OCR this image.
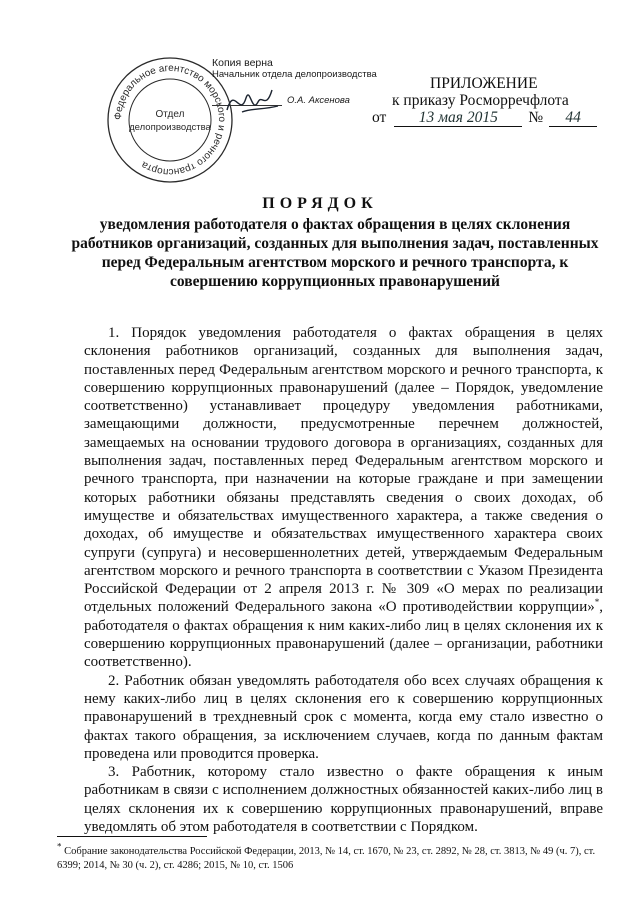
Федеральное агентство морского и речного транспорта
Отдел
делопроизводства
Копия верна
Начальник отдела делопроизводства
О.А. Аксенова
ПРИЛОЖЕНИЕ
к приказу Росморречфлота
от	13 мая 2015	№	44
ПОРЯДОК
уведомления работодателя о фактах обращения в целях склонения работников организаций, созданных для выполнения задач, поставленных перед Федеральным агентством морского и речного транспорта, к совершению коррупционных правонарушений

1. Порядок уведомления работодателя о фактах обращения в целях склонения работников организаций, созданных для выполнения задач, поставленных перед Федеральным агентством морского и речного транспорта, к совершению коррупционных правонарушений (далее – Порядок, уведомление соответственно) устанавливает процедуру уведомления работниками, замещающими должности, предусмотренные перечнем должностей, замещаемых на основании трудового договора в организациях, созданных для выполнения задач, поставленных перед Федеральным агентством морского и речного транспорта, при назначении на которые граждане и при замещении которых работники обязаны представлять сведения о своих доходах, об имуществе и обязательствах имущественного характера, а также сведения о доходах, об имуществе и обязательствах имущественного характера своих супруги (супруга) и несовершеннолетних детей, утверждаемым Федеральным агентством морского и речного транспорта в соответствии с Указом Президента Российской Федерации от 2 апреля 2013 г. № 309 «О мерах по реализации отдельных положений Федерального закона «О противодействии коррупции»*, работодателя о фактах обращения к ним каких-либо лиц в целях склонения их к совершению коррупционных правонарушений (далее – организации, работники соответственно).

2. Работник обязан уведомлять работодателя обо всех случаях обращения к нему каких-либо лиц в целях склонения его к совершению коррупционных правонарушений в трехдневный срок с момента, когда ему стало известно о фактах такого обращения, за исключением случаев, когда по данным фактам проведена или проводится проверка.

3. Работник, которому стало известно о факте обращения к иным работникам в связи с исполнением должностных обязанностей каких-либо лиц в целях склонения их к совершению коррупционных правонарушений, вправе уведомлять об этом работодателя в соответствии с Порядком.

* Собрание законодательства Российской Федерации, 2013, № 14, ст. 1670, № 23, ст. 2892, № 28, ст. 3813, № 49 (ч. 7), ст. 6399; 2014, № 30 (ч. 2), ст. 4286; 2015, № 10, ст. 1506
